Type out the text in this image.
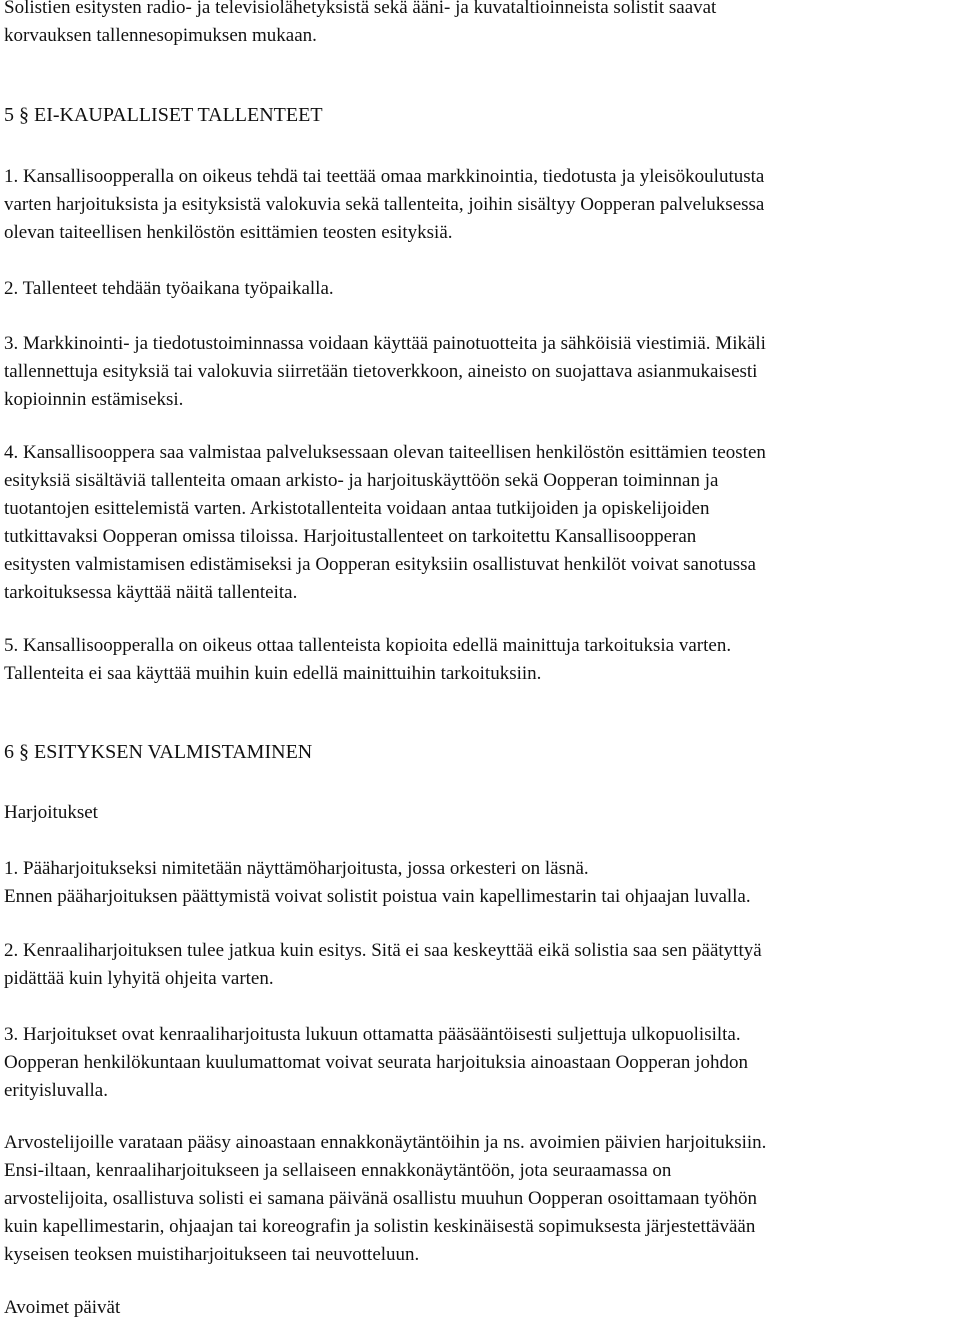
Solistien esitysten radio- ja televisiolähetyksistä sekä ääni- ja kuvataltioinneista solistit saavat
korvauksen tallennesopimuksen mukaan.

5 § EI-KAUPALLISET TALLENTEET

1. Kansallisoopperalla on oikeus tehdä tai teettää omaa markkinointia, tiedotusta ja yleisökoulutusta
varten harjoituksista ja esityksistä valokuvia sekä tallenteita, joihin sisältyy Oopperan palveluksessa
olevan taiteellisen henkilöstön esittämien teosten esityksiä.

2. Tallenteet tehdään työaikana työpaikalla.

3. Markkinointi- ja tiedotustoiminnassa voidaan käyttää painotuotteita ja sähköisiä viestimiä. Mikäli
tallennettuja esityksiä tai valokuvia siirretään tietoverkkoon, aineisto on suojattava asianmukaisesti
kopioinnin estämiseksi.

4. Kansallisooppera saa valmistaa palveluksessaan olevan taiteellisen henkilöstön esittämien teosten
esityksiä sisältäviä tallenteita omaan arkisto- ja harjoituskäyttöön sekä Oopperan toiminnan ja
tuotantojen esittelemistä varten. Arkistotallenteita voidaan antaa tutkijoiden ja opiskelijoiden
tutkittavaksi Oopperan omissa tiloissa. Harjoitustallenteet on tarkoitettu Kansallisoopperan
esitysten valmistamisen edistämiseksi ja Oopperan esityksiin osallistuvat henkilöt voivat sanotussa
tarkoituksessa käyttää näitä tallenteita.

5. Kansallisoopperalla on oikeus ottaa tallenteista kopioita edellä mainittuja tarkoituksia varten.
Tallenteita ei saa käyttää muihin kuin edellä mainittuihin tarkoituksiin.

6 § ESITYKSEN VALMISTAMINEN

Harjoitukset

1. Pääharjoitukseksi nimitetään näyttämöharjoitusta, jossa orkesteri on läsnä.
Ennen pääharjoituksen päättymistä voivat solistit poistua vain kapellimestarin tai ohjaajan luvalla.

2. Kenraaliharjoituksen tulee jatkua kuin esitys. Sitä ei saa keskeyttää eikä solistia saa sen päätyttyä
pidättää kuin lyhyitä ohjeita varten.

3. Harjoitukset ovat kenraaliharjoitusta lukuun ottamatta pääsääntöisesti suljettuja ulkopuolisilta.
Oopperan henkilökuntaan kuulumattomat voivat seurata harjoituksia ainoastaan Oopperan johdon
erityisluvalla.

Arvostelijoille varataan pääsy ainoastaan ennakkonäytäntöihin ja ns. avoimien päivien harjoituksiin.
Ensi-iltaan, kenraaliharjoitukseen ja sellaiseen ennakkonäytäntöön, jota seuraamassa on
arvostelijoita, osallistuva solisti ei samana päivänä osallistu muuhun Oopperan osoittamaan työhön
kuin kapellimestarin, ohjaajan tai koreografin ja solistin keskinäisestä sopimuksesta järjestettävään
kyseisen teoksen muistiharjoitukseen tai neuvotteluun.

Avoimet päivät
